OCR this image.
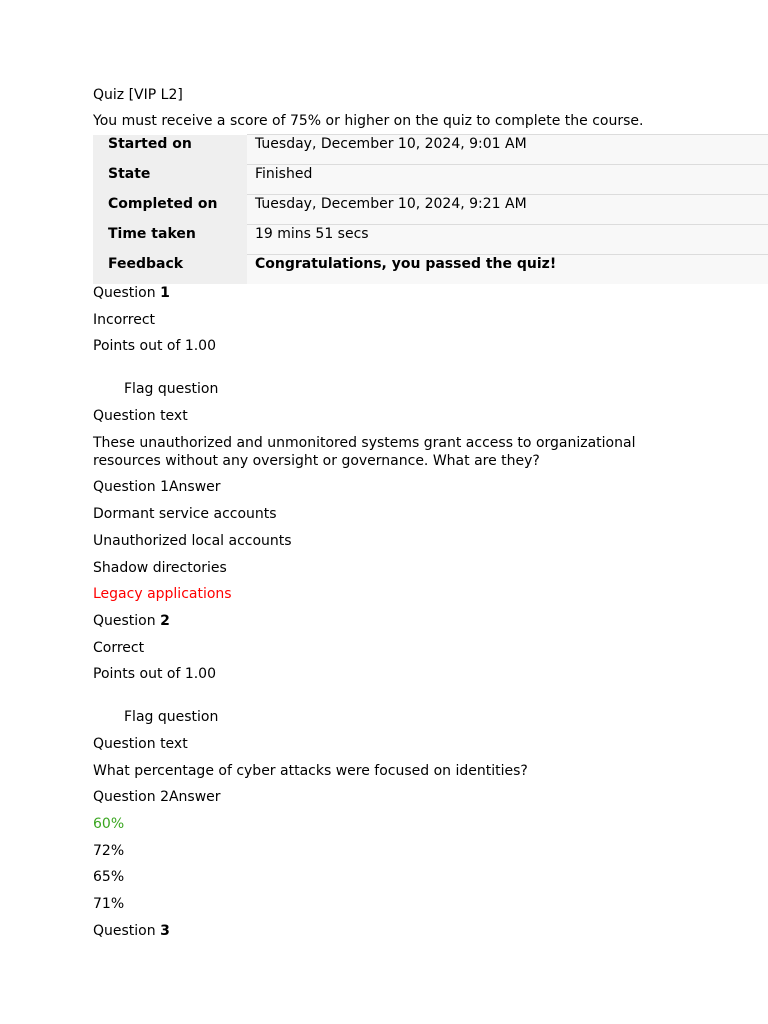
Quiz [VIP L2]

You must receive a score of 75% or higher on the quiz to complete the course.

Started on	Tuesday, December 10, 2024, 9:01 AM
State	Finished
Completed on	Tuesday, December 10, 2024, 9:21 AM
Time taken	19 mins 51 secs
Feedback	Congratulations, you passed the quiz!

Question 1

Incorrect

Points out of 1.00

Flag question

Question text

These unauthorized and unmonitored systems grant access to organizational resources without any oversight or governance. What are they?

Question 1Answer

Dormant service accounts

Unauthorized local accounts

Shadow directories

Legacy applications

Question 2

Correct

Points out of 1.00

Flag question

Question text

What percentage of cyber attacks were focused on identities?

Question 2Answer

60%

72%

65%

71%

Question 3
